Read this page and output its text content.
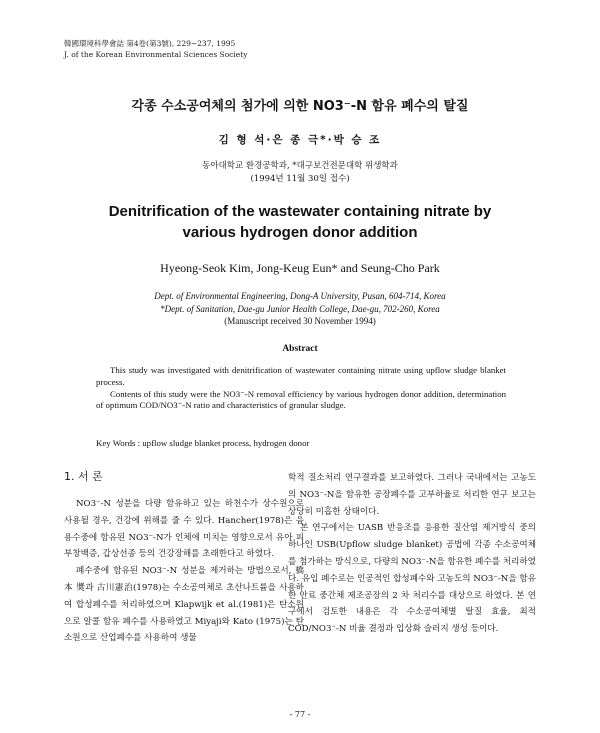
韓國環境科學會誌 第4卷(第3號), 229∼237, 1995
J. of the Korean Environmental Sciences Society
각종 수소공여체의 첨가에 의한 NO3⁻-N 함유 폐수의 탈질
김 형 석·은 종 극*·박 승 조
동아대학교 환경공학과, *대구보건전문대학 위생학과
(1994년 11월 30일 접수)
Denitrification of the wastewater containing nitrate by
various hydrogen donor addition
Hyeong-Seok Kim, Jong-Keug Eun* and Seung-Cho Park
Dept. of Environmental Engineering, Dong-A University, Pusan, 604-714, Korea
*Dept. of Sanitation, Dae-gu Junior Health College, Dae-gu, 702-260, Korea
(Manuscript received 30 November 1994)
Abstract

This study was investigated with denitrification of wastewater containing nitrate using upflow sludge blanket process.

Contents of this study were the NO3⁻-N removal efficiency by various hydrogen donor addition, determination of optimum COD/NO3⁻-N ratio and characteristics of granular sludge.

Key Words : upflow sludge blanket process, hydrogen donor
1. 서 론

NO3⁻-N 성분을 다량 함유하고 있는 하천수가 상수원으로 사용될 경우, 건강에 위해를 줄 수 있다. Hancher(1978)은 음용수중에 함유된 NO3⁻-N가 인체에 미치는 영향으로서 유아 피부창백증, 갑상선종 등의 건강장해를 초래한다고 하였다.

폐수중에 함유된 NO3⁻-N 성분을 제거하는 방법으로서, 橋本 奬과 古川憲治(1978)는 수소공여체로 초산나트륨을 사용하여 합성폐수를 처리하였으며 Klapwijk et al.(1981)은 탄소원으로 알콜 함유 폐수를 사용하였고 Miyaji와 Kato (1975)는 탄소원으로 산업폐수를 사용하여 생물

학적 질소처리 연구결과를 보고하였다. 그러나 국내에서는 고농도의 NO3⁻-N을 함유한 공장폐수를 고부하율로 처리한 연구 보고는 상당히 미흡한 상태이다.

본 연구에서는 UASB 반응조를 응용한 질산염 제거방식 중의 하나인 USB(Upflow sludge blanket) 공법에 각종 수소공여체를 첨가하는 방식으로, 다량의 NO3⁻-N을 함유한 폐수를 처리하였다. 유입 폐수로는 인공적인 합성폐수와 고농도의 NO3⁻-N을 함유한 안료 중간체 제조공장의 2 차 처리수를 대상으로 하였다. 본 연구에서 검토한 내용은 각 수소공여체별 탈질 효율, 최적 COD/NO3⁻-N 비율 결정과 입상화 슬러지 생성 등이다.

- 77 -
